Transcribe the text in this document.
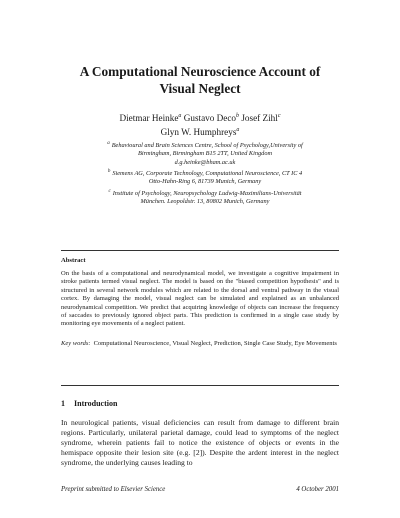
A Computational Neuroscience Account of
Visual Neglect
Dietmar Heinke$^a$ Gustavo Deco$^b$ Josef Zihl$^c$
Glyn W. Humphreys$^a$
$^a$ Behavioural and Brain Sciences Centre, School of Psychology,University of
Birmingham, Birmingham B15 2TT, United Kingdom
d.g.heinke@bham.ac.uk
$^b$ Siemens AG, Corporate Technology, Computational Neuroscience, CT IC 4
Otto-Hahn-Ring 6, 81739 Munich, Germany
$^c$ Institute of Psychology, Neuropsychology Ludwig-Maximilians-Universität
München. Leopoldstr. 13, 80802 Munich, Germany
Abstract
On the basis of a computational and neurodynamical model, we investigate a cognitive impairment in stroke patients termed visual neglect. The model is based on the "biased competition hypothesis" and is structured in several network modules which are related to the dorsal and ventral pathway in the visual cortex. By damaging the model, visual neglect can be simulated and explained as an unbalanced neurodynamical competition. We predict that acquiring knowledge of objects can increase the frequency of saccades to previously ignored object parts. This prediction is confirmed in a single case study by monitoring eye movements of a neglect patient.
Key words: Computational Neuroscience, Visual Neglect, Prediction, Single Case Study, Eye Movements
1 Introduction
In neurological patients, visual deficiencies can result from damage to different brain regions. Particularly, unilateral parietal damage, could lead to symptoms of the neglect syndrome, wherein patients fail to notice the existence of objects or events in the hemispace opposite their lesion site (e.g. [2]). Despite the ardent interest in the neglect syndrome, the underlying causes leading to
Preprint submitted to Elsevier Science	4 October 2001
